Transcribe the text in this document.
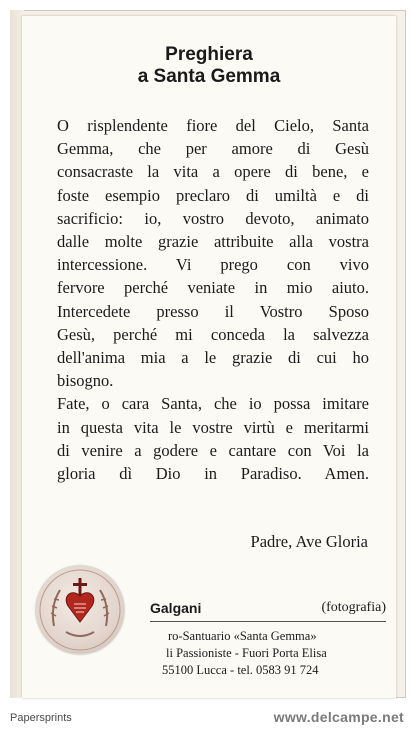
Preghiera
a Santa Gemma
O risplendente fiore del Cielo, Santa
Gemma, che per amore di Gesù
consacraste la vita a opere di bene, e
foste esempio preclaro di umiltà e di
sacrificio: io, vostro devoto, animato
dalle molte grazie attribuite alla vostra
intercessione. Vi prego con vivo
fervore perché veniate in mio aiuto.
Intercedete presso il Vostro Sposo
Gesù, perché mi conceda la salvezza
dell'anima mia a le grazie di cui ho
bisogno.
Fate, o cara Santa, che io possa imitare
in questa vita le vostre virtù e meritarmi
di venire a godere e cantare con Voi la
gloria dì Dio in Paradiso. Amen.
Padre, Ave Gloria
Galgani	(fotografia)
ro-Santuario «Santa Gemma»
li Passioniste - Fuori Porta Elisa
55100 Lucca - tel. 0583 91 724
Papersprints	www.delcampe.net
